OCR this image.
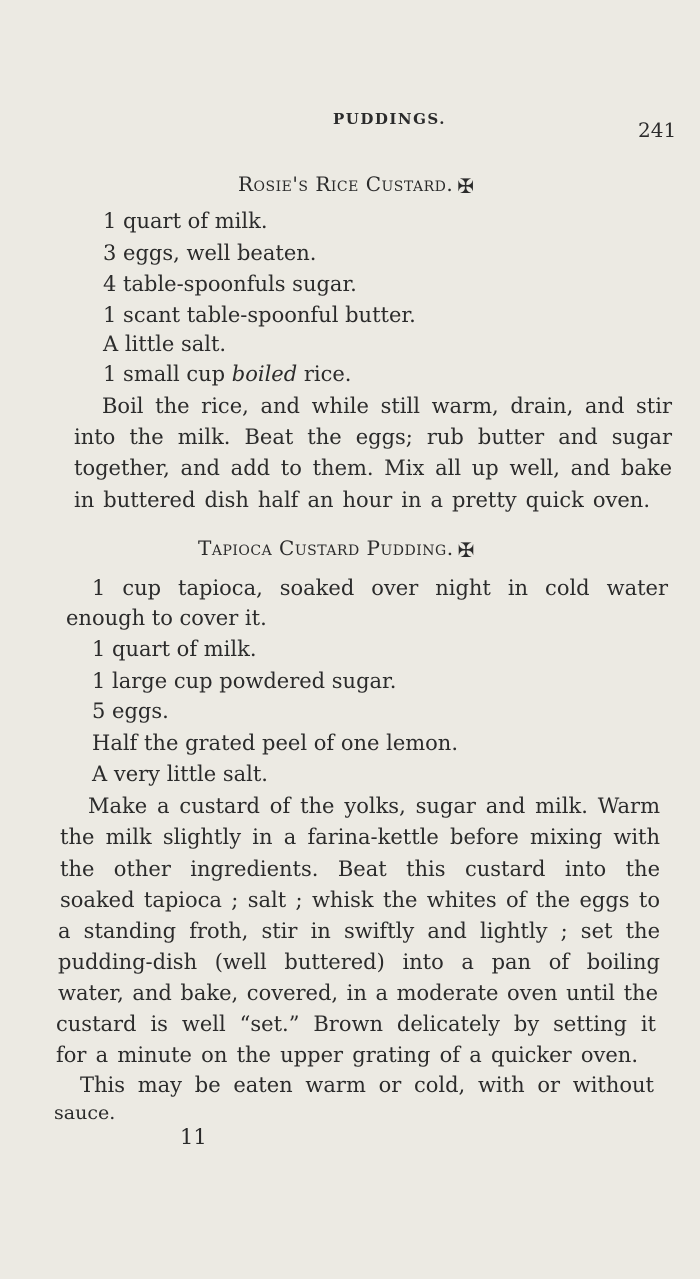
PUDDINGS.	241
Rosie's Rice Custard. ✠
1 quart of milk.
3 eggs, well beaten.
4 table-spoonfuls sugar.
1 scant table-spoonful butter.
A little salt.
1 small cup boiled rice.
Boil the rice, and while still warm, drain, and stir
into the milk. Beat the eggs; rub butter and sugar
together, and add to them. Mix all up well, and bake
in buttered dish half an hour in a pretty quick oven.
Tapioca Custard Pudding. ✠
1 cup tapioca, soaked over night in cold water
enough to cover it.
1 quart of milk.
1 large cup powdered sugar.
5 eggs.
Half the grated peel of one lemon.
A very little salt.
Make a custard of the yolks, sugar and milk. Warm
the milk slightly in a farina-kettle before mixing with
the other ingredients. Beat this custard into the
soaked tapioca ; salt ; whisk the whites of the eggs to
a standing froth, stir in swiftly and lightly ; set the
pudding-dish (well buttered) into a pan of boiling
water, and bake, covered, in a moderate oven until the
custard is well “set.” Brown delicately by setting it
for a minute on the upper grating of a quicker oven.
This may be eaten warm or cold, with or without
sauce.
11
